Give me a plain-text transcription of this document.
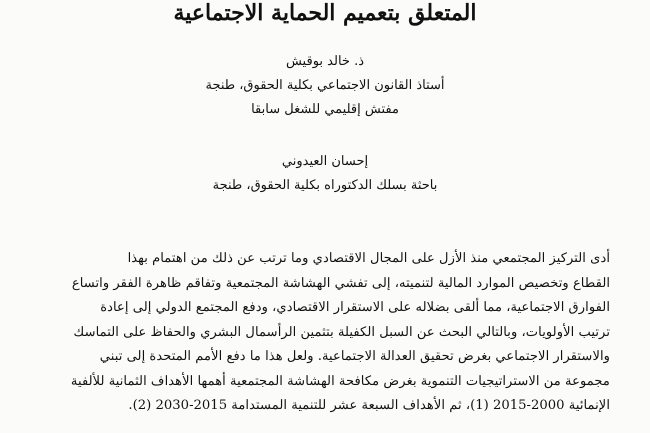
المتعلق بتعميم الحماية الاجتماعية
ذ. خالد بوقيش
أستاذ القانون الاجتماعي بكلية الحقوق، طنجة
مفتش إقليمي للشغل سابقا
إحسان العيدوني
باحثة بسلك الدكتوراه بكلية الحقوق، طنجة
أدى التركيز المجتمعي منذ الأزل على المجال الاقتصادي وما ترتب عن ذلك من اهتمام بهذا
القطاع وتخصيص الموارد المالية لتنميته، إلى تفشي الهشاشة المجتمعية وتفاقم ظاهرة الفقر واتساع
الفوارق الاجتماعية، مما ألقى بضلاله على الاستقرار الاقتصادي، ودفع المجتمع الدولي إلى إعادة
ترتيب الأولويات، وبالتالي البحث عن السبل الكفيلة بتثمين الرأسمال البشري والحفاظ على التماسك
والاستقرار الاجتماعي بغرض تحقيق العدالة الاجتماعية. ولعل هذا ما دفع الأمم المتحدة إلى تبني
مجموعة من الاستراتيجيات التنموية بغرض مكافحة الهشاشة المجتمعية أهمها الأهداف الثمانية للألفية
الإنمائية 2000-2015 (1)، ثم الأهداف السبعة عشر للتنمية المستدامة 2015-2030 (2).
